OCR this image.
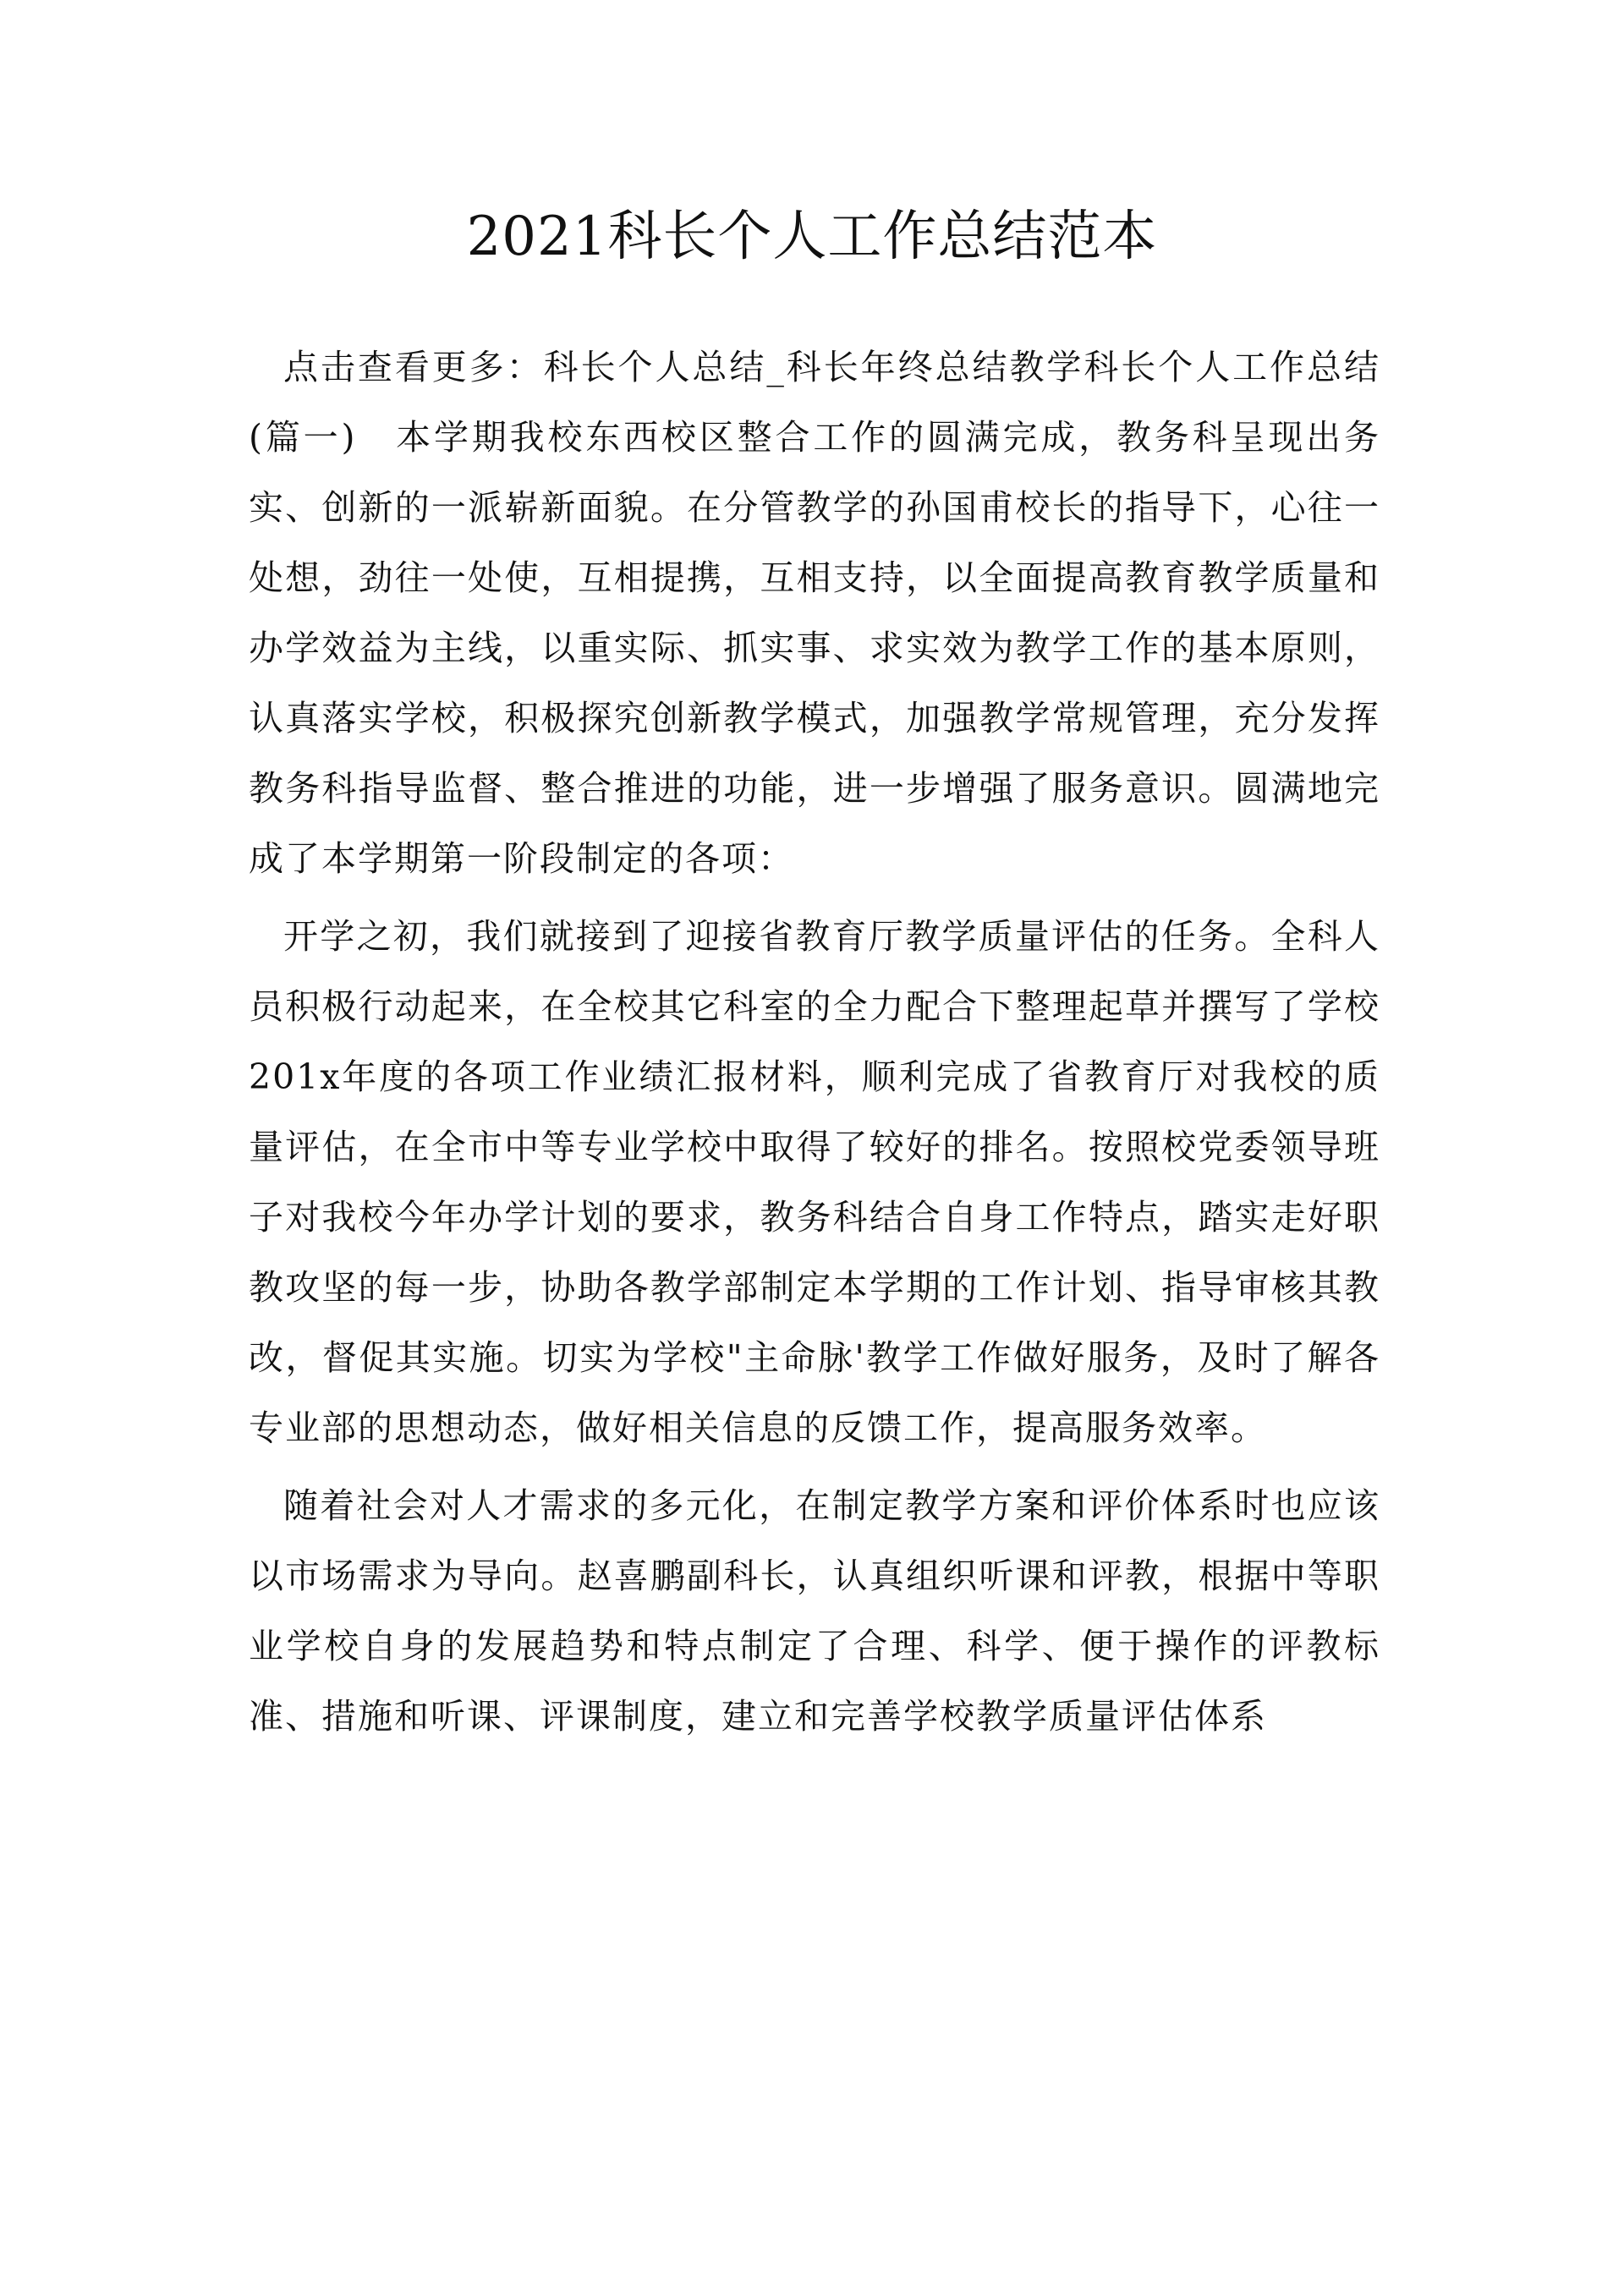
2021科长个人工作总结范本

点击查看更多：科长个人总结_科长年终总结教学科长个人工作总结(篇一)　本学期我校东西校区整合工作的圆满完成，教务科呈现出务实、创新的一派崭新面貌。在分管教学的孙国甫校长的指导下，心往一处想，劲往一处使，互相提携，互相支持，以全面提高教育教学质量和办学效益为主线，以重实际、抓实事、求实效为教学工作的基本原则，认真落实学校，积极探究创新教学模式，加强教学常规管理，充分发挥教务科指导监督、整合推进的功能，进一步增强了服务意识。圆满地完成了本学期第一阶段制定的各项：

开学之初，我们就接到了迎接省教育厅教学质量评估的任务。全科人员积极行动起来，在全校其它科室的全力配合下整理起草并撰写了学校201x年度的各项工作业绩汇报材料，顺利完成了省教育厅对我校的质量评估，在全市中等专业学校中取得了较好的排名。按照校党委领导班子对我校今年办学计划的要求，教务科结合自身工作特点，踏实走好职教攻坚的每一步，协助各教学部制定本学期的工作计划、指导审核其教改，督促其实施。切实为学校"主命脉'教学工作做好服务，及时了解各专业部的思想动态，做好相关信息的反馈工作，提高服务效率。

随着社会对人才需求的多元化，在制定教学方案和评价体系时也应该以市场需求为导向。赵喜鹏副科长，认真组织听课和评教，根据中等职业学校自身的发展趋势和特点制定了合理、科学、便于操作的评教标准、措施和听课、评课制度，建立和完善学校教学质量评估体系
